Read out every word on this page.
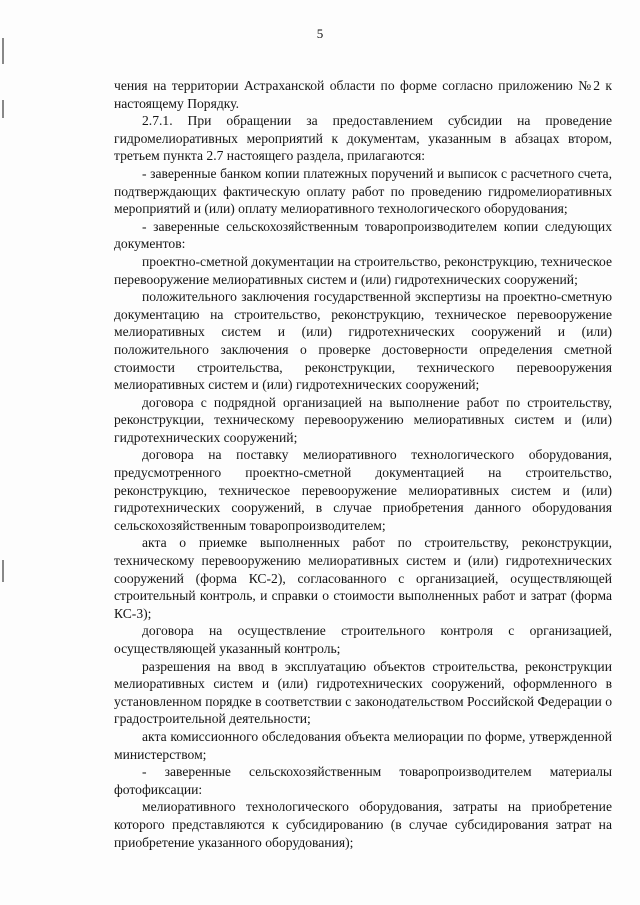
5

чения на территории Астраханской области по форме согласно приложению №2 к настоящему Порядку.

2.7.1. При обращении за предоставлением субсидии на проведение гидромелиоративных мероприятий к документам, указанным в абзацах втором, третьем пункта 2.7 настоящего раздела, прилагаются:

- заверенные банком копии платежных поручений и выписок с расчетного счета, подтверждающих фактическую оплату работ по проведению гидромелиоративных мероприятий и (или) оплату мелиоративного технологического оборудования;

- заверенные сельскохозяйственным товаропроизводителем копии следующих документов:

проектно-сметной документации на строительство, реконструкцию, техническое перевооружение мелиоративных систем и (или) гидротехнических сооружений;

положительного заключения государственной экспертизы на проектно-сметную документацию на строительство, реконструкцию, техническое перевооружение мелиоративных систем и (или) гидротехнических сооружений и (или) положительного заключения о проверке достоверности определения сметной стоимости строительства, реконструкции, технического перевооружения мелиоративных систем и (или) гидротехнических сооружений;

договора с подрядной организацией на выполнение работ по строительству, реконструкции, техническому перевооружению мелиоративных систем и (или) гидротехнических сооружений;

договора на поставку мелиоративного технологического оборудования, предусмотренного проектно-сметной документацией на строительство, реконструкцию, техническое перевооружение мелиоративных систем и (или) гидротехнических сооружений, в случае приобретения данного оборудования сельскохозяйственным товаропроизводителем;

акта о приемке выполненных работ по строительству, реконструкции, техническому перевооружению мелиоративных систем и (или) гидротехнических сооружений (форма КС-2), согласованного с организацией, осуществляющей строительный контроль, и справки о стоимости выполненных работ и затрат (форма КС-3);

договора на осуществление строительного контроля с организацией, осуществляющей указанный контроль;

разрешения на ввод в эксплуатацию объектов строительства, реконструкции мелиоративных систем и (или) гидротехнических сооружений, оформленного в установленном порядке в соответствии с законодательством Российской Федерации о градостроительной деятельности;

акта комиссионного обследования объекта мелиорации по форме, утвержденной министерством;

- заверенные сельскохозяйственным товаропроизводителем материалы фотофиксации:

мелиоративного технологического оборудования, затраты на приобретение которого представляются к субсидированию (в случае субсидирования затрат на приобретение указанного оборудования);
